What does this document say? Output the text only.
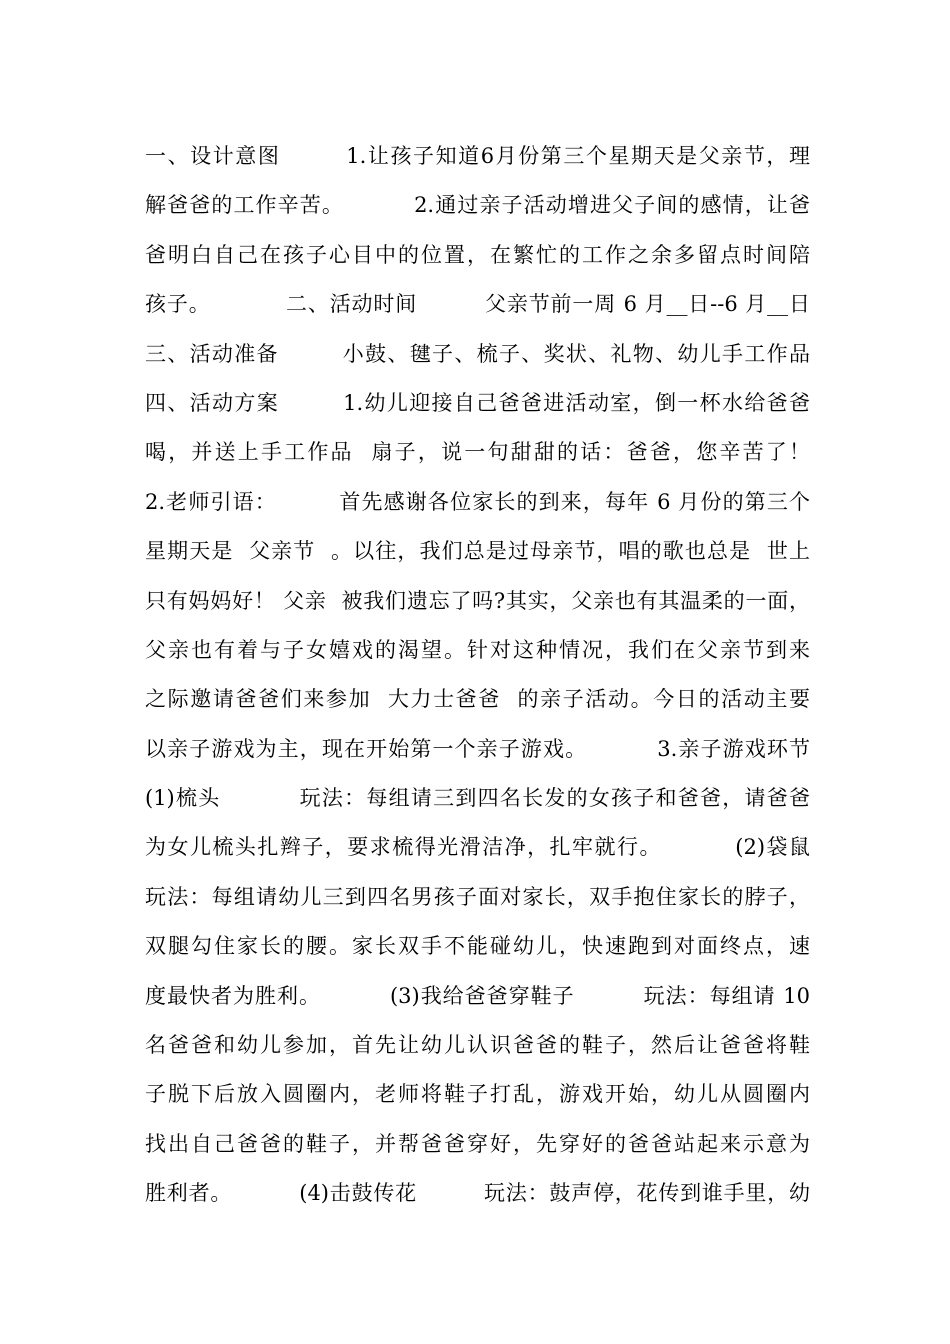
一、设计意图        1.让孩子知道6月份第三个星期天是父亲节，理
解爸爸的工作辛苦。         2.通过亲子活动增进父子间的感情，让爸
爸明白自己在孩子心目中的位置，在繁忙的工作之余多留点时间陪
孩子。          二、活动时间         父亲节前一周 6 月__日--6 月__日
三、活动准备        小鼓、毽子、梳子、奖状、礼物、幼儿手工作品
四、活动方案        1.幼儿迎接自己爸爸进活动室，倒一杯水给爸爸
喝，并送上手工作品  扇子，说一句甜甜的话：爸爸，您辛苦了！
2.老师引语：        首先感谢各位家长的到来，每年 6 月份的第三个
星期天是  父亲节  。以往，我们总是过母亲节，唱的歌也总是  世上
只有妈妈好！ 父亲  被我们遗忘了吗?其实，父亲也有其温柔的一面，
父亲也有着与子女嬉戏的渴望。针对这种情况，我们在父亲节到来
之际邀请爸爸们来参加  大力士爸爸  的亲子活动。今日的活动主要
以亲子游戏为主，现在开始第一个亲子游戏。         3.亲子游戏环节
(1)梳头          玩法：每组请三到四名长发的女孩子和爸爸，请爸爸
为女儿梳头扎辫子，要求梳得光滑洁净，扎牢就行。         (2)袋鼠
玩法：每组请幼儿三到四名男孩子面对家长，双手抱住家长的脖子，
双腿勾住家长的腰。家长双手不能碰幼儿，快速跑到对面终点，速
度最快者为胜利。         (3)我给爸爸穿鞋子         玩法：每组请 10
名爸爸和幼儿参加，首先让幼儿认识爸爸的鞋子，然后让爸爸将鞋
子脱下后放入圆圈内，老师将鞋子打乱，游戏开始，幼儿从圆圈内
找出自己爸爸的鞋子，并帮爸爸穿好，先穿好的爸爸站起来示意为
胜利者。         (4)击鼓传花         玩法：鼓声停，花传到谁手里，幼
